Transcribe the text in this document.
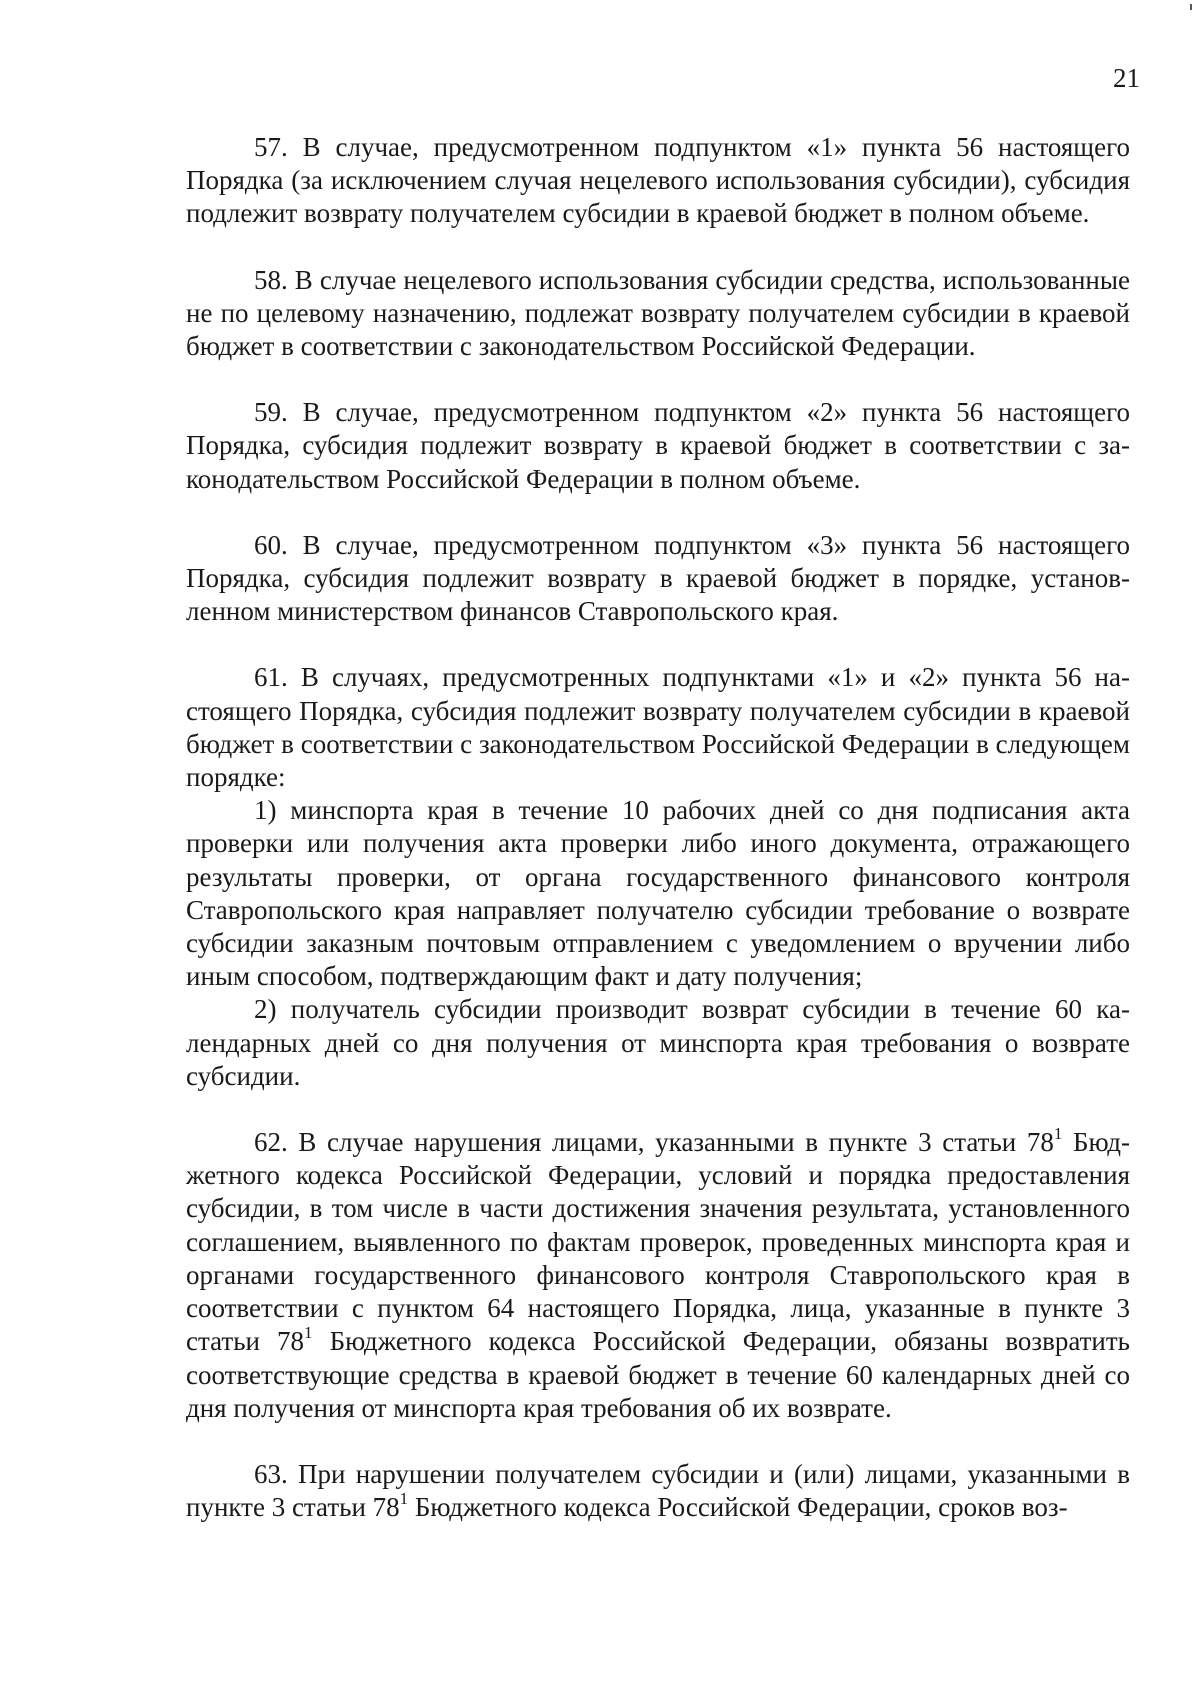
21

57. В случае, предусмотренном подпунктом «1» пункта 56 настоящего Порядка (за исключением случая нецелевого использования субсидии), субсидия подлежит возврату получателем субсидии в краевой бюджет в полном объеме.

58. В случае нецелевого использования субсидии средства, использованные не по целевому назначению, подлежат возврату получателем субсидии в краевой бюджет в соответствии с законодательством Российской Федерации.

59. В случае, предусмотренном подпунктом «2» пункта 56 настоящего Порядка, субсидия подлежит возврату в краевой бюджет в соответствии с законодательством Российской Федерации в полном объеме.

60. В случае, предусмотренном подпунктом «3» пункта 56 настоящего Порядка, субсидия подлежит возврату в краевой бюджет в порядке, установленном министерством финансов Ставропольского края.

61. В случаях, предусмотренных подпунктами «1» и «2» пункта 56 настоящего Порядка, субсидия подлежит возврату получателем субсидии в краевой бюджет в соответствии с законодательством Российской Федерации в следующем порядке:

1) минспорта края в течение 10 рабочих дней со дня подписания акта проверки или получения акта проверки либо иного документа, отражающего результаты проверки, от органа государственного финансового контроля Ставропольского края направляет получателю субсидии требование о возврате субсидии заказным почтовым отправлением с уведомлением о вручении либо иным способом, подтверждающим факт и дату получения;

2) получатель субсидии производит возврат субсидии в течение 60 календарных дней со дня получения от минспорта края требования о возврате субсидии.

62. В случае нарушения лицами, указанными в пункте 3 статьи $78^1$ Бюджетного кодекса Российской Федерации, условий и порядка предоставления субсидии, в том числе в части достижения значения результата, установленного соглашением, выявленного по фактам проверок, проведенных минспорта края и органами государственного финансового контроля Ставропольского края в соответствии с пунктом 64 настоящего Порядка, лица, указанные в пункте 3 статьи $78^1$ Бюджетного кодекса Российской Федерации, обязаны возвратить соответствующие средства в краевой бюджет в течение 60 календарных дней со дня получения от минспорта края требования об их возврате.

63. При нарушении получателем субсидии и (или) лицами, указанными в пункте 3 статьи $78^1$ Бюджетного кодекса Российской Федерации, сроков воз-
